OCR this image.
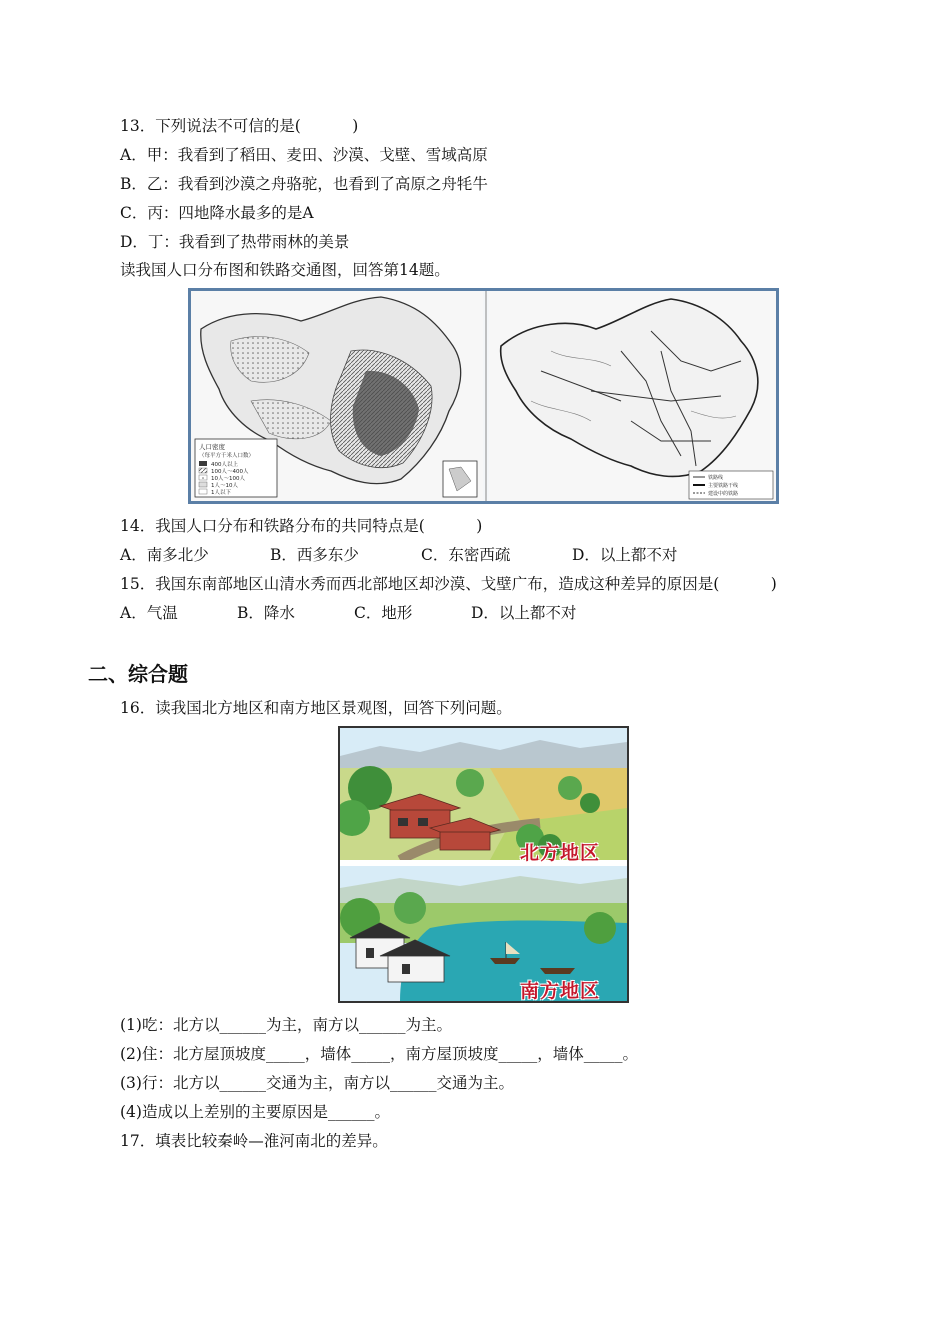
13．下列说法不可信的是(　　　 )
A．甲：我看到了稻田、麦田、沙漠、戈壁、雪域高原
B．乙：我看到沙漠之舟骆驼，也看到了高原之舟牦牛
C．丙：四地降水最多的是A
D．丁：我看到了热带雨林的美景
读我国人口分布图和铁路交通图，回答第14题。
人口密度
（每平方千米人口数）
400人以上
100人～400人
10人～100人
1人～10人
1人以下
铁路线
主要铁路干线
建设中的铁路
14．我国人口分布和铁路分布的共同特点是(　　　 )
A．南多北少	B．西多东少	C．东密西疏	D．以上都不对
15．我国东南部地区山清水秀而西北部地区却沙漠、戈壁广布，造成这种差异的原因是(　　　 )
A．气温	B．降水	C．地形	D．以上都不对
二、综合题
16．读我国北方地区和南方地区景观图，回答下列问题。
北方地区
南方地区
(1)吃：北方以______为主，南方以______为主。
(2)住：北方屋顶坡度_____，墙体_____，南方屋顶坡度_____，墙体_____。
(3)行：北方以______交通为主，南方以______交通为主。
(4)造成以上差别的主要原因是______。
17．填表比较秦岭—淮河南北的差异。
